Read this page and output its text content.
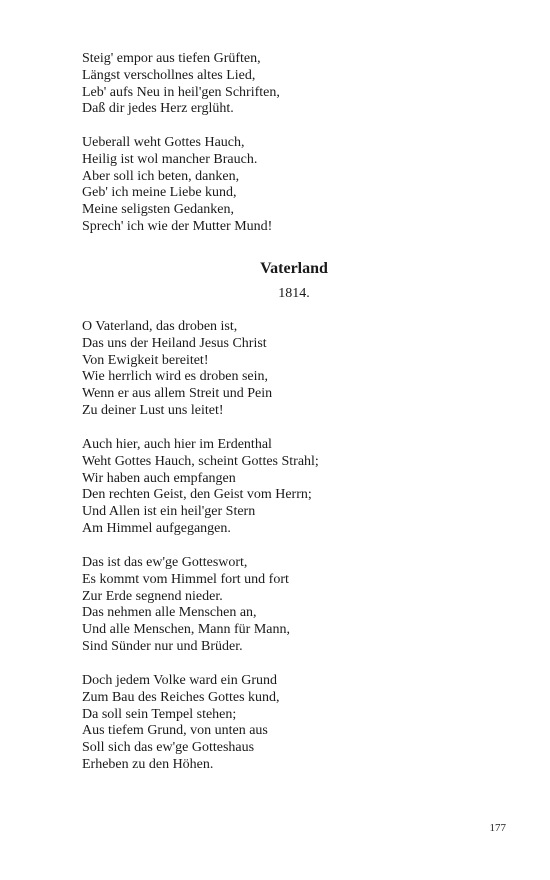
Steig' empor aus tiefen Grüften,
Längst verschollnes altes Lied,
Leb' aufs Neu in heil'gen Schriften,
Daß dir jedes Herz erglüht.
Ueberall weht Gottes Hauch,
Heilig ist wol mancher Brauch.
Aber soll ich beten, danken,
Geb' ich meine Liebe kund,
Meine seligsten Gedanken,
Sprech' ich wie der Mutter Mund!
Vaterland
1814.
O Vaterland, das droben ist,
Das uns der Heiland Jesus Christ
Von Ewigkeit bereitet!
Wie herrlich wird es droben sein,
Wenn er aus allem Streit und Pein
Zu deiner Lust uns leitet!
Auch hier, auch hier im Erdenthal
Weht Gottes Hauch, scheint Gottes Strahl;
Wir haben auch empfangen
Den rechten Geist, den Geist vom Herrn;
Und Allen ist ein heil'ger Stern
Am Himmel aufgegangen.
Das ist das ew'ge Gotteswort,
Es kommt vom Himmel fort und fort
Zur Erde segnend nieder.
Das nehmen alle Menschen an,
Und alle Menschen, Mann für Mann,
Sind Sünder nur und Brüder.
Doch jedem Volke ward ein Grund
Zum Bau des Reiches Gottes kund,
Da soll sein Tempel stehen;
Aus tiefem Grund, von unten aus
Soll sich das ew'ge Gotteshaus
Erheben zu den Höhen.
177
